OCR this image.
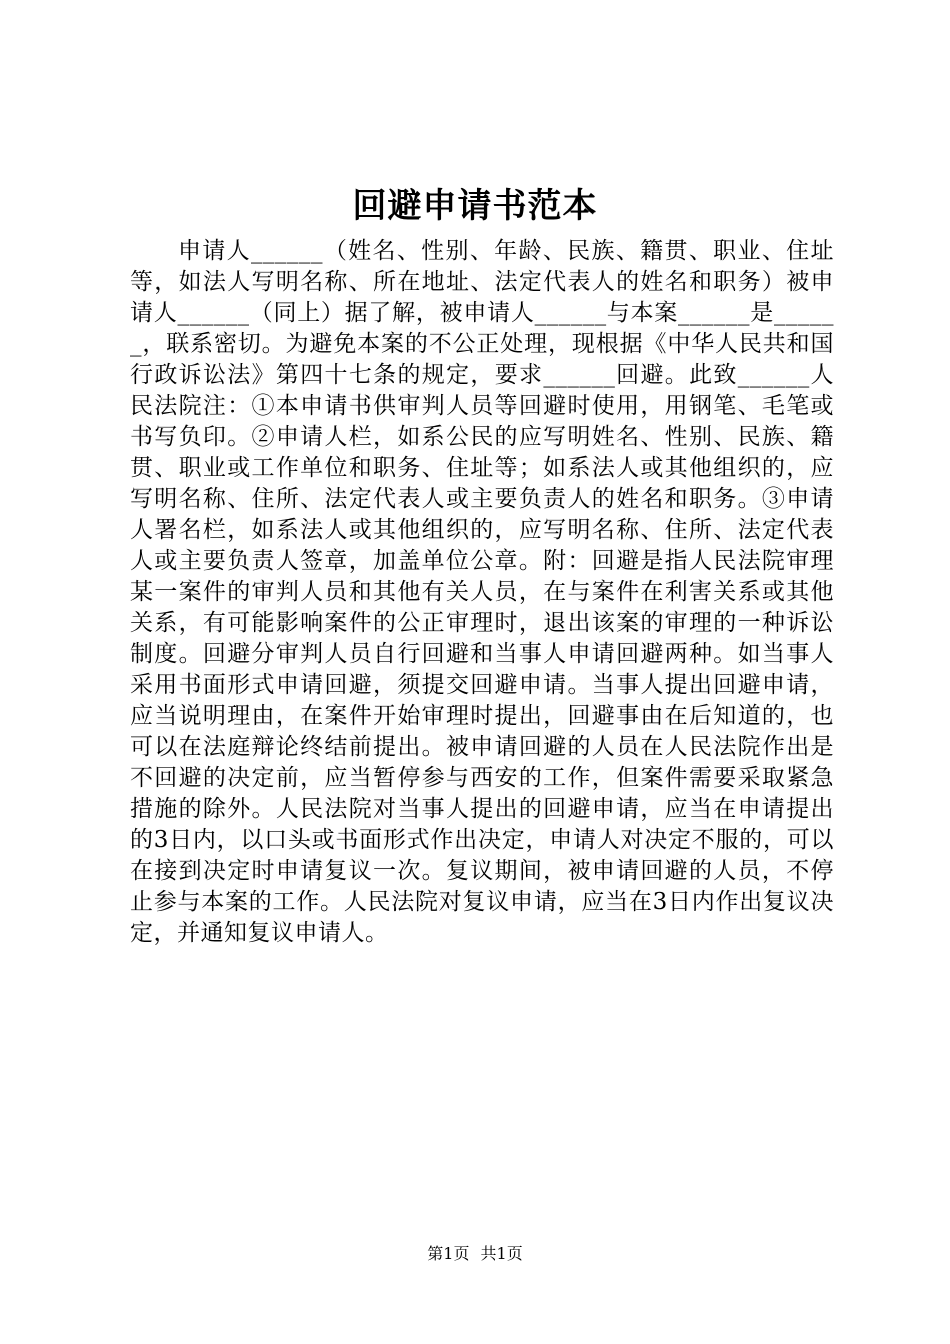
回避申请书范本

申请人______（姓名、性别、年龄、民族、籍贯、职业、住址等，如法人写明名称、所在地址、法定代表人的姓名和职务）被申请人______（同上）据了解，被申请人______与本案______是______，联系密切。为避免本案的不公正处理，现根据《中华人民共和国行政诉讼法》第四十七条的规定，要求______回避。此致______人民法院注：①本申请书供审判人员等回避时使用，用钢笔、毛笔或书写负印。②申请人栏，如系公民的应写明姓名、性别、民族、籍贯、职业或工作单位和职务、住址等；如系法人或其他组织的，应写明名称、住所、法定代表人或主要负责人的姓名和职务。③申请人署名栏，如系法人或其他组织的，应写明名称、住所、法定代表人或主要负责人签章，加盖单位公章。附：回避是指人民法院审理某一案件的审判人员和其他有关人员，在与案件在利害关系或其他关系，有可能影响案件的公正审理时，退出该案的审理的一种诉讼制度。回避分审判人员自行回避和当事人申请回避两种。如当事人采用书面形式申请回避，须提交回避申请。当事人提出回避申请，应当说明理由，在案件开始审理时提出，回避事由在后知道的，也可以在法庭辩论终结前提出。被申请回避的人员在人民法院作出是不回避的决定前，应当暂停参与西安的工作，但案件需要采取紧急措施的除外。人民法院对当事人提出的回避申请，应当在申请提出的3日内，以口头或书面形式作出决定，申请人对决定不服的，可以在接到决定时申请复议一次。复议期间，被申请回避的人员，不停止参与本案的工作。人民法院对复议申请，应当在3日内作出复议决定，并通知复议申请人。

第1页 共1页
